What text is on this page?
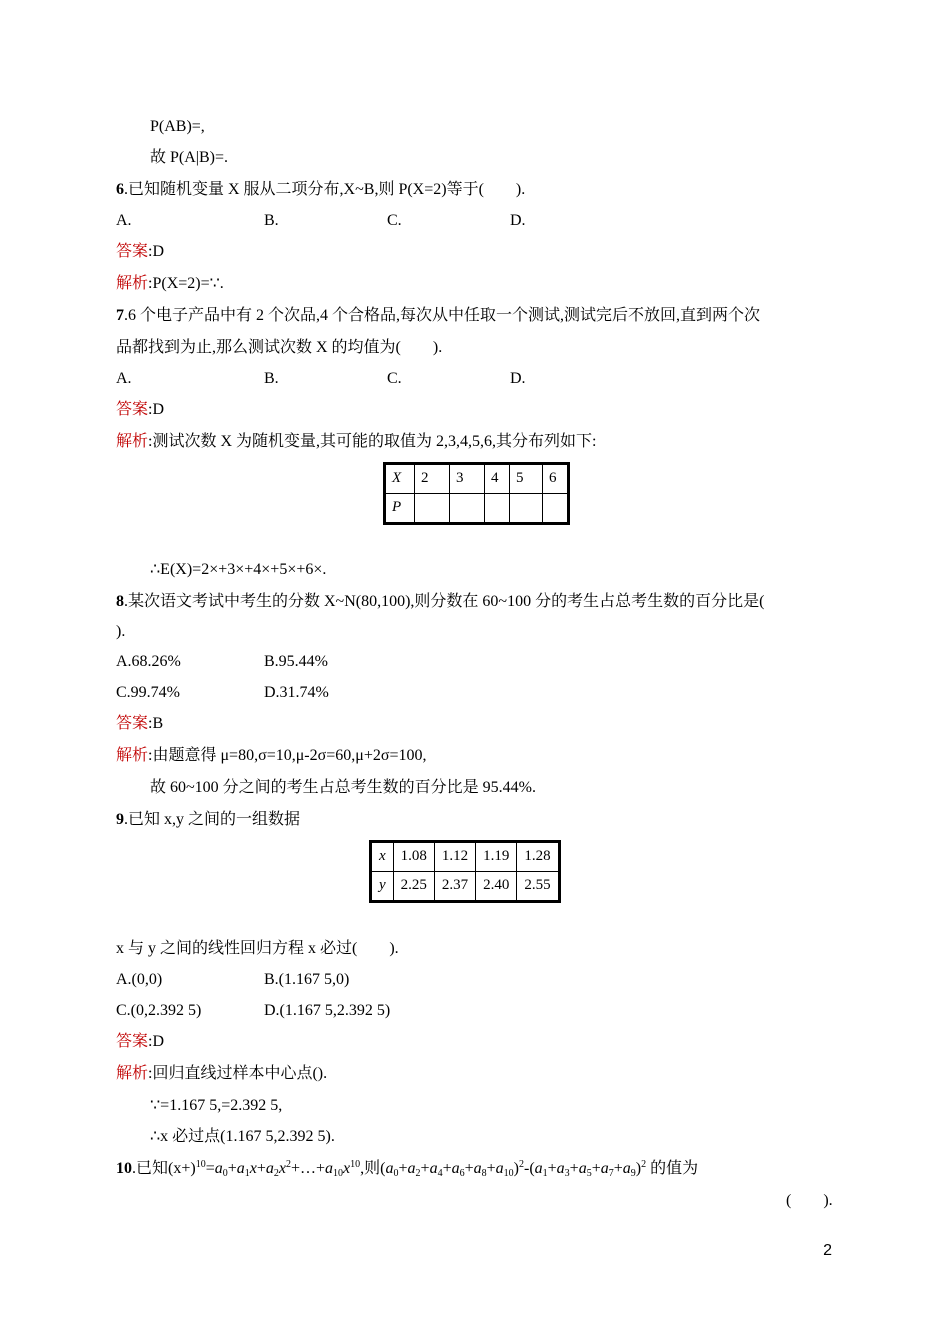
P(AB)=,
故 P(A|B)=.
6.已知随机变量 X 服从二项分布,X~B,则 P(X=2)等于(　　).
A.	B.	C.	D.
答案:D
解析:P(X=2)=∵.
7.6 个电子产品中有 2 个次品,4 个合格品,每次从中任取一个测试,测试完后不放回,直到两个次
品都找到为止,那么测试次数 X 的均值为(　　).
A.	B.	C.	D.
答案:D
解析:测试次数 X 为随机变量,其可能的取值为 2,3,4,5,6,其分布列如下:
X	2	3	4	5	6
P					
∴E(X)=2×+3×+4×+5×+6×.
8.某次语文考试中考生的分数 X~N(80,100),则分数在 60~100 分的考生占总考生数的百分比是(
).
A.68.26%	B.95.44%
C.99.74%	D.31.74%
答案:B
解析:由题意得 μ=80,σ=10,μ-2σ=60,μ+2σ=100,
故 60~100 分之间的考生占总考生数的百分比是 95.44%.
9.已知 x,y 之间的一组数据
x	1.08	1.12	1.19	1.28
y	2.25	2.37	2.40	2.55
x 与 y 之间的线性回归方程 x 必过(　　).
A.(0,0)	B.(1.167 5,0)
C.(0,2.392 5)	D.(1.167 5,2.392 5)
答案:D
解析:回归直线过样本中心点().
∵=1.167 5,=2.392 5,
∴x 必过点(1.167 5,2.392 5).
10.已知$(x+)^{10}=a_0+a_1x+a_2x^2+\dots+a_{10}x^{10}$,则$(a_0+a_2+a_4+a_6+a_8+a_{10})^2-(a_1+a_3+a_5+a_7+a_9)^2$ 的值为
(　　).
2
